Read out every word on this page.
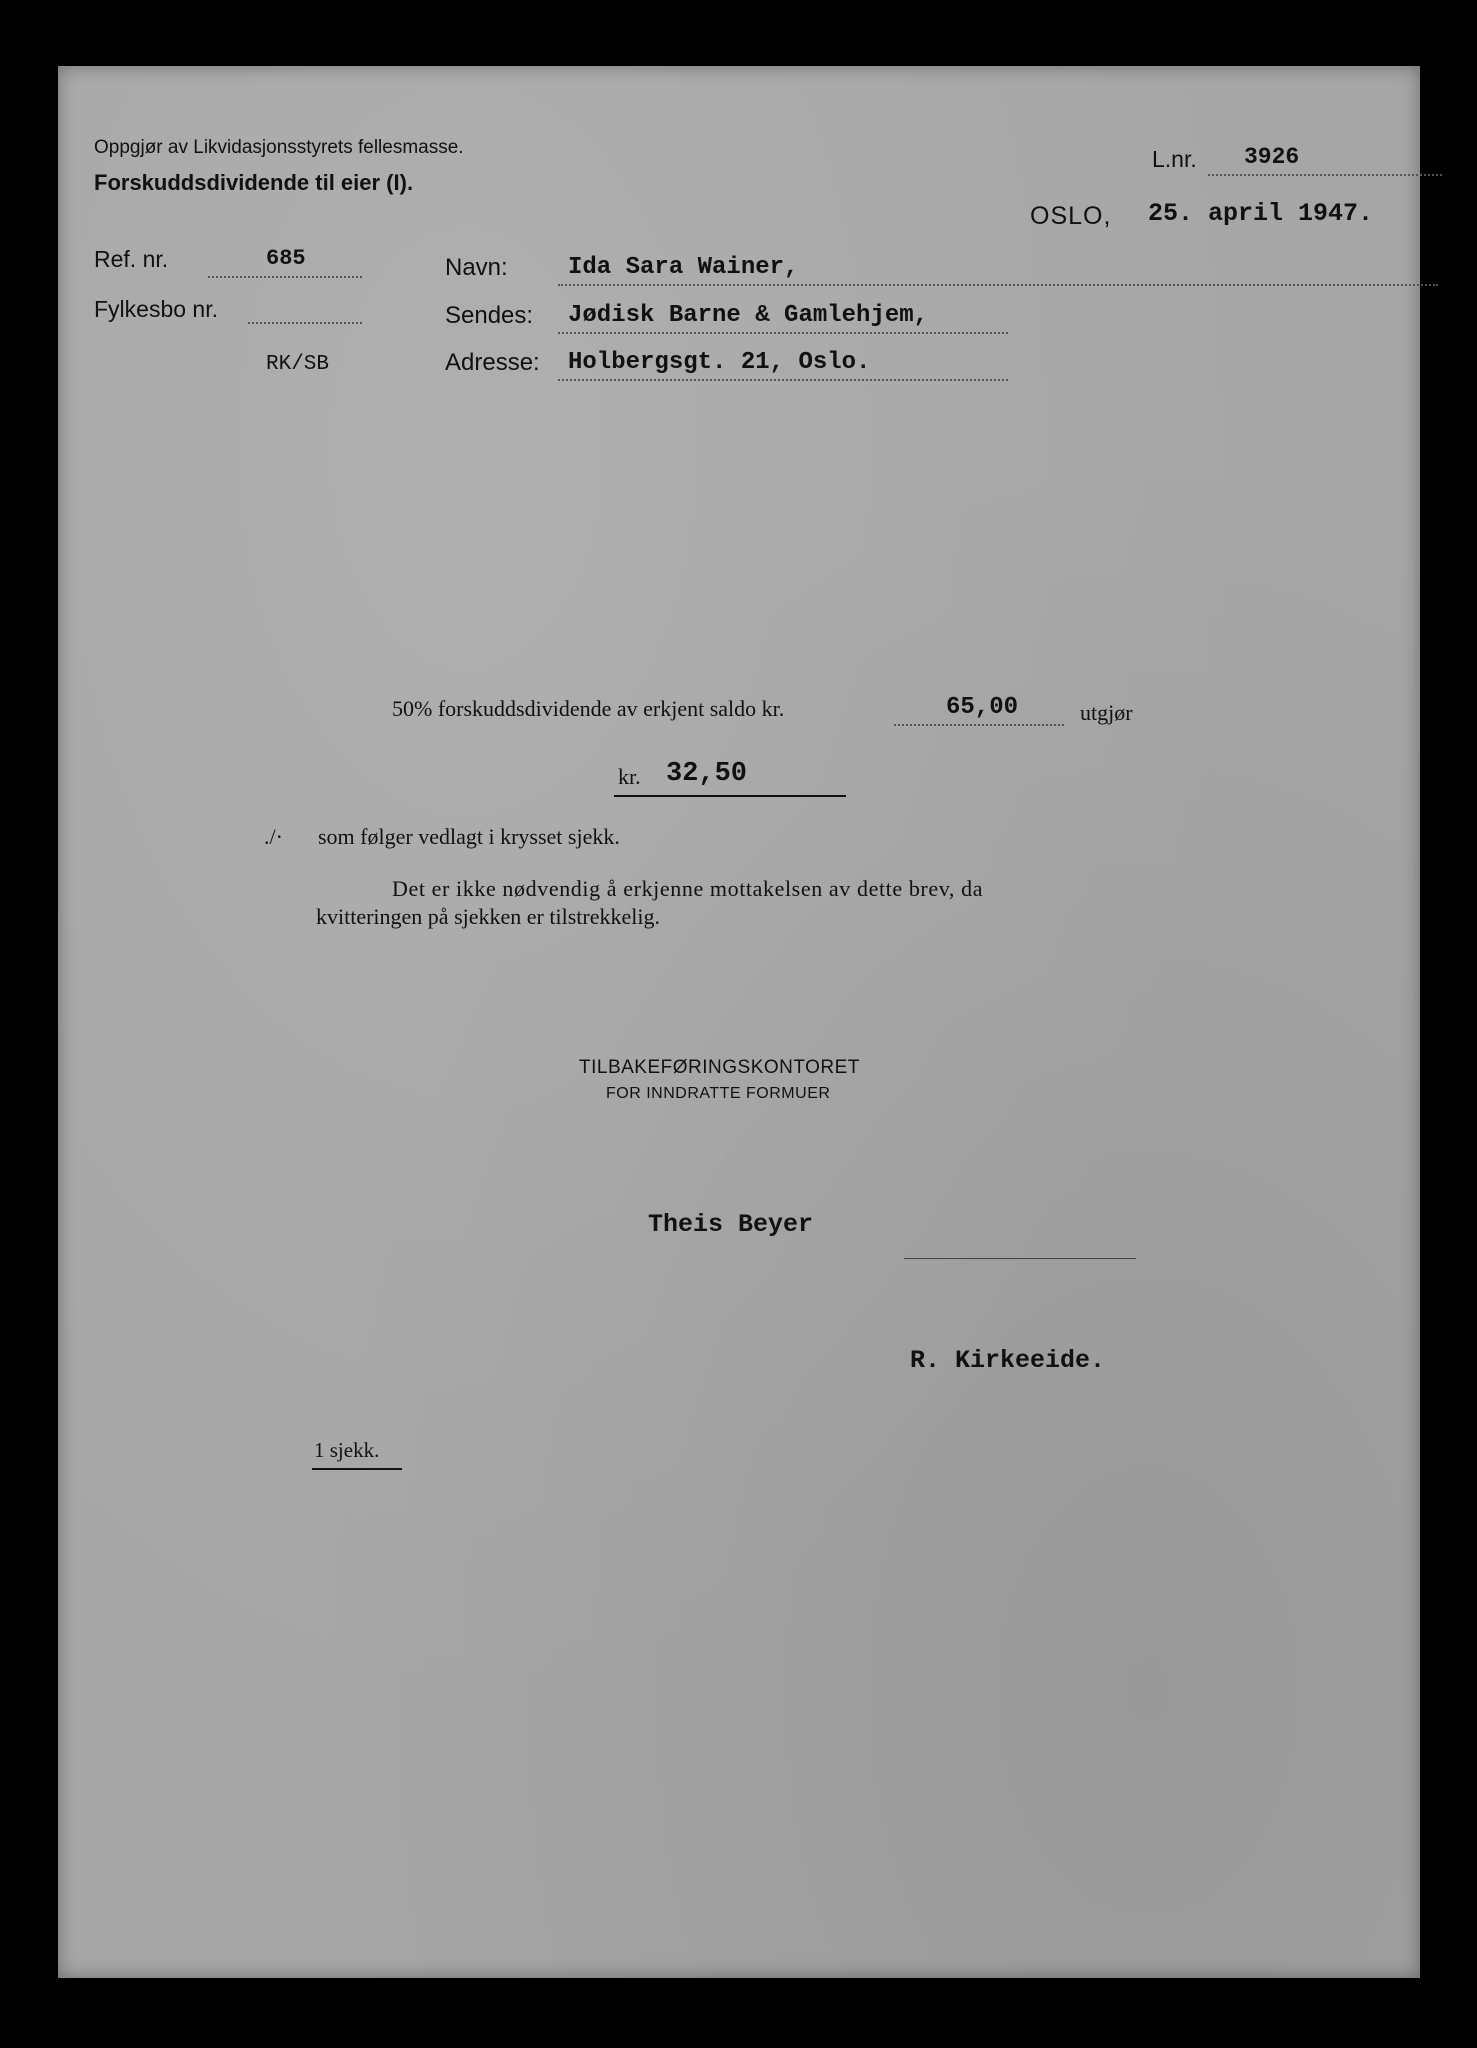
Oppgjør av Likvidasjonsstyrets fellesmasse.
Forskuddsdividende til eier (I).
L.nr. 3926
OSLO, 25. april 1947.
Ref. nr.	685
Fylkesbo nr.
RK/SB
Navn:	Ida Sara Wainer,
Sendes: Jødisk Barne & Gamlehjem,
Adresse: Holbergsgt. 21, Oslo.
50% forskuddsdividende av erkjent saldo kr.	65,00	utgjør
kr. 32,50
./· som følger vedlagt i krysset sjekk.
Det er ikke nødvendig å erkjenne mottakelsen av dette brev, da
kvitteringen på sjekken er tilstrekkelig.
TILBAKEFØRINGSKONTORET
FOR INNDRATTE FORMUER
Theis Beyer
R. Kirkeeide.
1 sjekk.
